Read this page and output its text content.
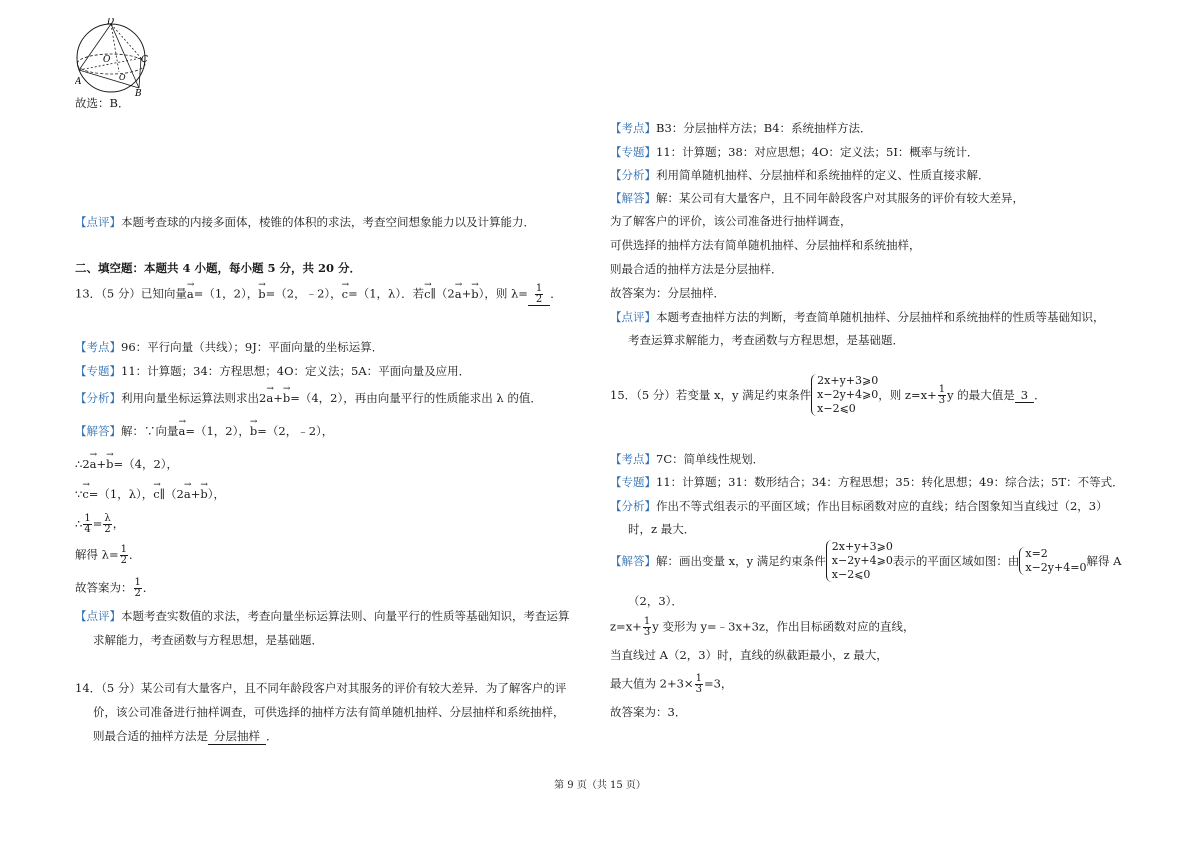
故选：B．
D
O	C
A	O
B
【点评】本题考查球的内接多面体，棱锥的体积的求法，考查空间想象能力以及计算能力．
二、填空题：本题共 4 小题，每小题 5 分，共 20 分．
13．（5 分）已知向量→ a=（1，2），→ b=（2，﹣2），→ c=（1，λ）．若→ c∥（2→ a+→ b），则 $\lambda= \frac{1}{2}$ ．
【考点】96：平行向量（共线）；9J：平面向量的坐标运算．
【专题】11：计算题；34：方程思想；4O：定义法；5A：平面向量及应用．
【分析】利用向量坐标运算法则求出2→ a+→ b=（4，2），再由向量平行的性质能求出 λ 的值．
【解答】解：∵向量→ a=（1，2），→ b=（2，﹣2），
∴2→ a+→ b=（4，2），
∵→ c=（1，λ），→ c∥（2→ a+→ b），
∴ $\frac{1}{4} = \frac{\lambda}{2}$ ，
解得 $\lambda= \frac{1}{2}$ ．
故答案为： $\frac{1}{2}$ ．
【点评】本题考查实数值的求法，考查向量坐标运算法则、向量平行的性质等基础知识，考查运算
求解能力，考查函数与方程思想，是基础题．
14．（5 分）某公司有大量客户，且不同年龄段客户对其服务的评价有较大差异．为了解客户的评
价，该公司准备进行抽样调查，可供选择的抽样方法有简单随机抽样、分层抽样和系统抽样，
则最合适的抽样方法是 分层抽样 ．
【考点】B3：分层抽样方法；B4：系统抽样方法．
【专题】11：计算题；38：对应思想；4O：定义法；5I：概率与统计．
【分析】利用简单随机抽样、分层抽样和系统抽样的定义、性质直接求解．
【解答】解：某公司有大量客户，且不同年龄段客户对其服务的评价有较大差异，
为了解客户的评价，该公司准备进行抽样调查，
可供选择的抽样方法有简单随机抽样、分层抽样和系统抽样，
则最合适的抽样方法是分层抽样．
故答案为：分层抽样．
【点评】本题考查抽样方法的判断，考查简单随机抽样、分层抽样和系统抽样的性质等基础知识，
考查运算求解能力，考查函数与方程思想，是基础题．
15．（5 分）若变量 x，y 满足约束条件2x+y+3⩾0
x−2y+4⩾0
x−2⩽0，则 $z=x+ \frac{1}{3}$ y 的最大值是 3 ．
【考点】7C：简单线性规划．
【专题】11：计算题；31：数形结合；34：方程思想；35：转化思想；49：综合法；5T：不等式．
【分析】作出不等式组表示的平面区域；作出目标函数对应的直线；结合图象知当直线过（2，3）
时，z 最大．
【解答】解：画出变量 x，y 满足约束条件2x+y+3⩾0
x−2y+4⩾0
x−2⩽0表示的平面区域如图：由x=2
x−2y+4=0解得 A
（2，3）．
$z=x+ \frac{1}{3}$ y 变形为 y=﹣3x+3z，作出目标函数对应的直线，
当直线过 A（2，3）时，直线的纵截距最小，z 最大，
最大值为 $2+3\times \frac{1}{3} =3$，
故答案为：3．
第 9 页（共 15 页）
